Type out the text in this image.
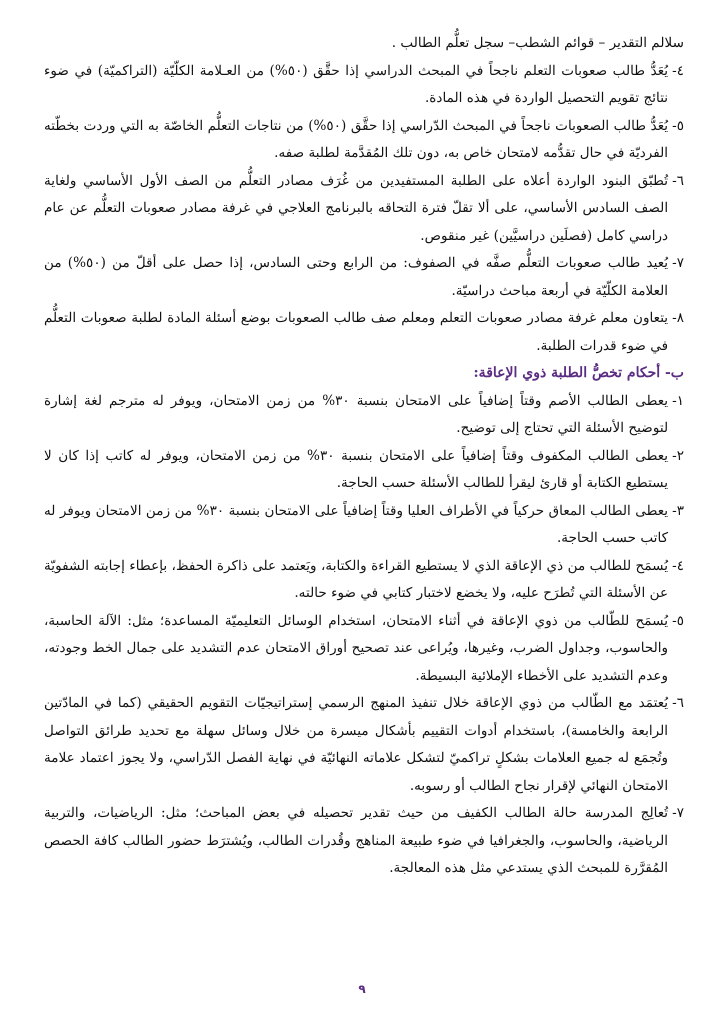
سلالم التقدير – قوائم الشطب– سجل تعلُّم الطالب .

٤-
يُعَدُّ طالب صعوبات التعلم ناجحاً في المبحث الدراسي إذا حقَّق (٥٠%) من العـلامة الكلّيّة (التراكميّة) في ضوء نتائج تقويم التحصيل الواردة في هذه المادة.
٥-
يُعَدُّ طالب الصعوبات ناجحاً في المبحث الدّراسي إذا حقَّق (٥٠%) من نتاجات التعلُّم الخاصّة به التي وردت بخطّته الفرديّة في حال تقدُّمه لامتحان خاص به، دون تلك المُقدَّمة لطلبة صفه.
٦-
تُطبّق البنود الواردة أعلاه على الطلبة المستفيدين من غُرَف مصادر التعلُّم من الصف الأول الأساسي ولغاية الصف السادس الأساسي، على ألا تقلّ فترة التحاقه بالبرنامج العلاجي في غرفة مصادر صعوبات التعلُّم عن عام دراسي كامل (فصلَين دراسيَّين) غير منقوص.
٧-
يُعيد طالب صعوبات التعلُّم صفَّه في الصفوف: من الرابع وحتى السادس، إذا حصل على أقلّ من (٥٠%) من العلامة الكلّيّة في أربعة مباحث دراسيّة.
٨-
يتعاون معلم غرفة مصادر صعوبات التعلم ومعلم صف طالب الصعوبات بوضع أسئلة المادة لطلبة صعوبات التعلُّم في ضوء قدرات الطلبة.

ب- أحكام تخصُّ الطلبة ذوي الإعاقة:

١-
يعطى الطالب الأصم وقتاً إضافياً على الامتحان بنسبة ٣٠% من زمن الامتحان، ويوفر له مترجم لغة إشارة لتوضيح الأسئلة التي تحتاج إلى توضيح.
٢-
يعطى الطالب المكفوف وقتاً إضافياً على الامتحان بنسبة ٣٠% من زمن الامتحان، ويوفر له كاتب إذا كان لا يستطيع الكتابة أو قارئ ليقرأ للطالب الأسئلة حسب الحاجة.
٣-
يعطى الطالب المعاق حركياً في الأطراف العليا وقتاً إضافياً على الامتحان بنسبة ٣٠% من زمن الامتحان ويوفر له كاتب حسب الحاجة.
٤-
يُسمَح للطالب من ذي الإعاقة الذي لا يستطيع القراءة والكتابة، ويَعتمد على ذاكرة الحفظ، بإعطاء إجابته الشفويّة عن الأسئلة التي تُطرَح عليه، ولا يخضع لاختبار كتابي في ضوء حالته.
٥-
يُسمَح للطّالب من ذوي الإعاقة في أثناء الامتحان، استخدام الوسائل التعليميّة المساعدة؛ مثل: الآلة الحاسبة، والحاسوب، وجداول الضرب، وغيرها، ويُراعى عند تصحيح أوراق الامتحان عدم التشديد على جمال الخط وجودته، وعدم التشديد على الأخطاء الإملائية البسيطة.
٦-
يُعتمَد مع الطّالب من ذوي الإعاقة خلال تنفيذ المنهج الرسمي إستراتيجيّات التقويم الحقيقي (كما في المادّتين الرابعة والخامسة)، باستخدام أدوات التقييم بأشكال ميسرة من خلال وسائل سهلة مع تحديد طرائق التواصل وتُجمَع له جميع العلامات بشكلٍ تراكميّ لتشكل علاماته النهائيّة في نهاية الفصل الدّراسي، ولا يجوز اعتماد علامة الامتحان النهائي لإقرار نجاح الطالب أو رسوبه.
٧-
تُعالِج المدرسة حالة الطالب الكفيف من حيث تقدير تحصيله في بعض المباحث؛ مثل: الرياضيات، والتربية الرياضية، والحاسوب، والجغرافيا في ضوء طبيعة المناهج وقُدرات الطالب، ويُشترَط حضور الطالب كافة الحصص المُقرَّرة للمبحث الذي يستدعي مثل هذه المعالجة.
٩
